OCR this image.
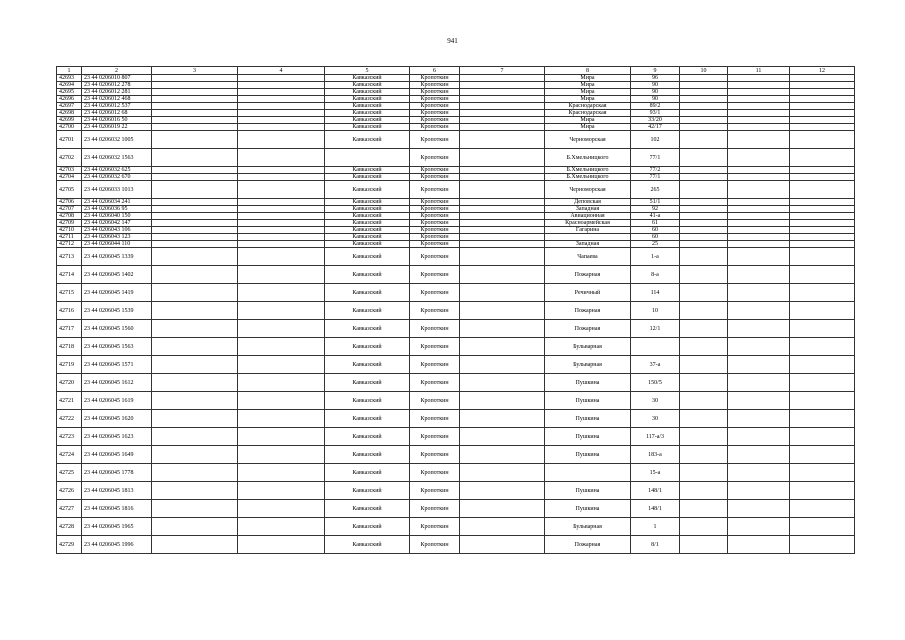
941
1	2	3	4	5	6	7	8	9	10	11	12
42693	23 44 0206010 807			Кавказский	Кропоткин		Мира	96			
42694	23 44 0206012 278			Кавказский	Кропоткин		Мира	90			
42695	23 44 0206012 281			Кавказский	Кропоткин		Мира	90			
42696	23 44 0206012 468			Кавказский	Кропоткин		Мира	90			
42697	23 44 0206012 537			Кавказский	Кропоткин		Краснодарская	89/2			
42698	23 44 0206012 68			Кавказский	Кропоткин		Краснодарская	93/1			
42699	23 44 0206016 50			Кавказский	Кропоткин		Мира	33/20			
42700	23 44 0206019 22			Кавказский	Кропоткин		Мира	42/17			
42701	23 44 0206032 1005			Кавказский	Кропоткин		Черноморская	102			
42702	23 44 0206032 1563				Кропоткин		Б.Хмельницкого	77/1			
42703	23 44 0206032 625			Кавказский	Кропоткин		Б.Хмельницкого	77/2			
42704	23 44 0206032 670			Кавказский	Кропоткин		Б.Хмельницкого	77/1			
42705	23 44 0206033 1013			Кавказский	Кропоткин		Черноморская	265			
42706	23 44 0206034 241			Кавказский	Кропоткин		Деповская	51/1			
42707	23 44 0206036 95			Кавказский	Кропоткин		Западная	92			
42708	23 44 0206040 150			Кавказский	Кропоткин		Авиационная	41-а			
42709	23 44 0206042 147			Кавказский	Кропоткин		Красноармейская	61			
42710	23 44 0206043 106			Кавказский	Кропоткин		Гагарина	60			
42711	23 44 0206043 123			Кавказский	Кропоткин			60			
42712	23 44 0206044 110			Кавказский	Кропоткин		Западная	25			
42713	23 44 0206045 1339			Кавказский	Кропоткин		Чапаева	1-а			
42714	23 44 0206045 1402			Кавказский	Кропоткин		Пожарная	8-а			
42715	23 44 0206045 1419			Кавказский	Кропоткин		Речичный	114			
42716	23 44 0206045 1539			Кавказский	Кропоткин		Пожарная	10			
42717	23 44 0206045 1560			Кавказский	Кропоткин		Пожарная	12/1			
42718	23 44 0206045 1563			Кавказский	Кропоткин		Бульварная				
42719	23 44 0206045 1571			Кавказский	Кропоткин		Бульварная	37-а			
42720	23 44 0206045 1612			Кавказский	Кропоткин		Пушкина	150/5			
42721	23 44 0206045 1619			Кавказский	Кропоткин		Пушкина	30			
42722	23 44 0206045 1620			Кавказский	Кропоткин		Пушкина	30			
42723	23 44 0206045 1623			Кавказский	Кропоткин		Пушкина	117-а/3			
42724	23 44 0206045 1649			Кавказский	Кропоткин		Пушкина	183-а			
42725	23 44 0206045 1778			Кавказский	Кропоткин			15-а			
42726	23 44 0206045 1813			Кавказский	Кропоткин		Пушкина	148/1			
42727	23 44 0206045 1816			Кавказский	Кропоткин		Пушкина	148/1			
42728	23 44 0206045 1965			Кавказский	Кропоткин		Бульварная	1			
42729	23 44 0206045 1996			Кавказский	Кропоткин		Пожарная	8/1			
